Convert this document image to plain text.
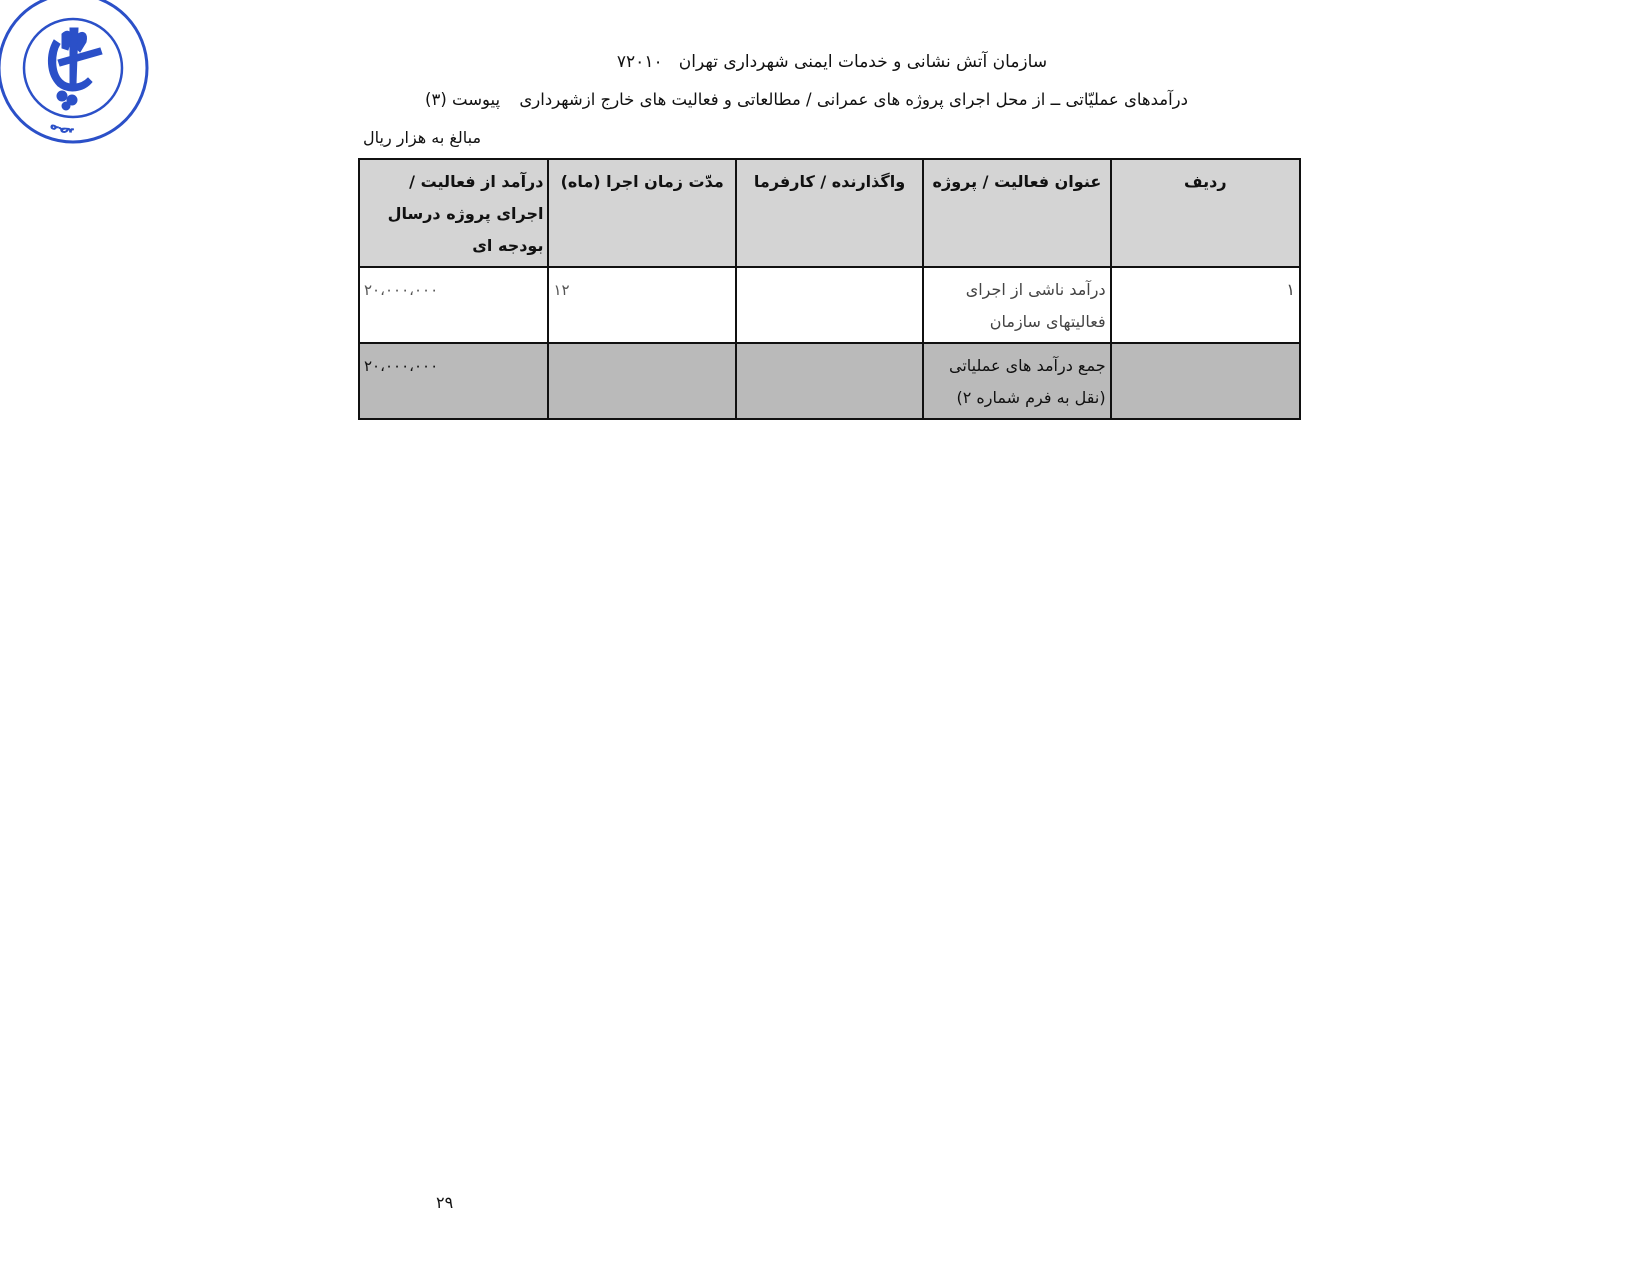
مص
سازمان آتش نشانی و خدمات ایمنی شهرداری تهران   ۷۲۰۱۰
درآمدهای عملیّاتی ــ از محل اجرای پروژه های عمرانی / مطالعاتی و فعالیت های خارج ازشهرداری پیوست (۳)
مبالغ به هزار ریال
ردیف	عنوان فعالیت / پروژه	واگذارنده / کارفرما	مدّت زمان اجرا (ماه)	درآمد از فعالیت / اجرای پروژه درسال بودجه ای
۱	درآمد ناشی از اجرای فعالیتهای سازمان		۱۲	۲۰،۰۰۰،۰۰۰
	جمع درآمد های عملیاتی (نقل به فرم شماره ۲)			۲۰،۰۰۰،۰۰۰
۲۹
